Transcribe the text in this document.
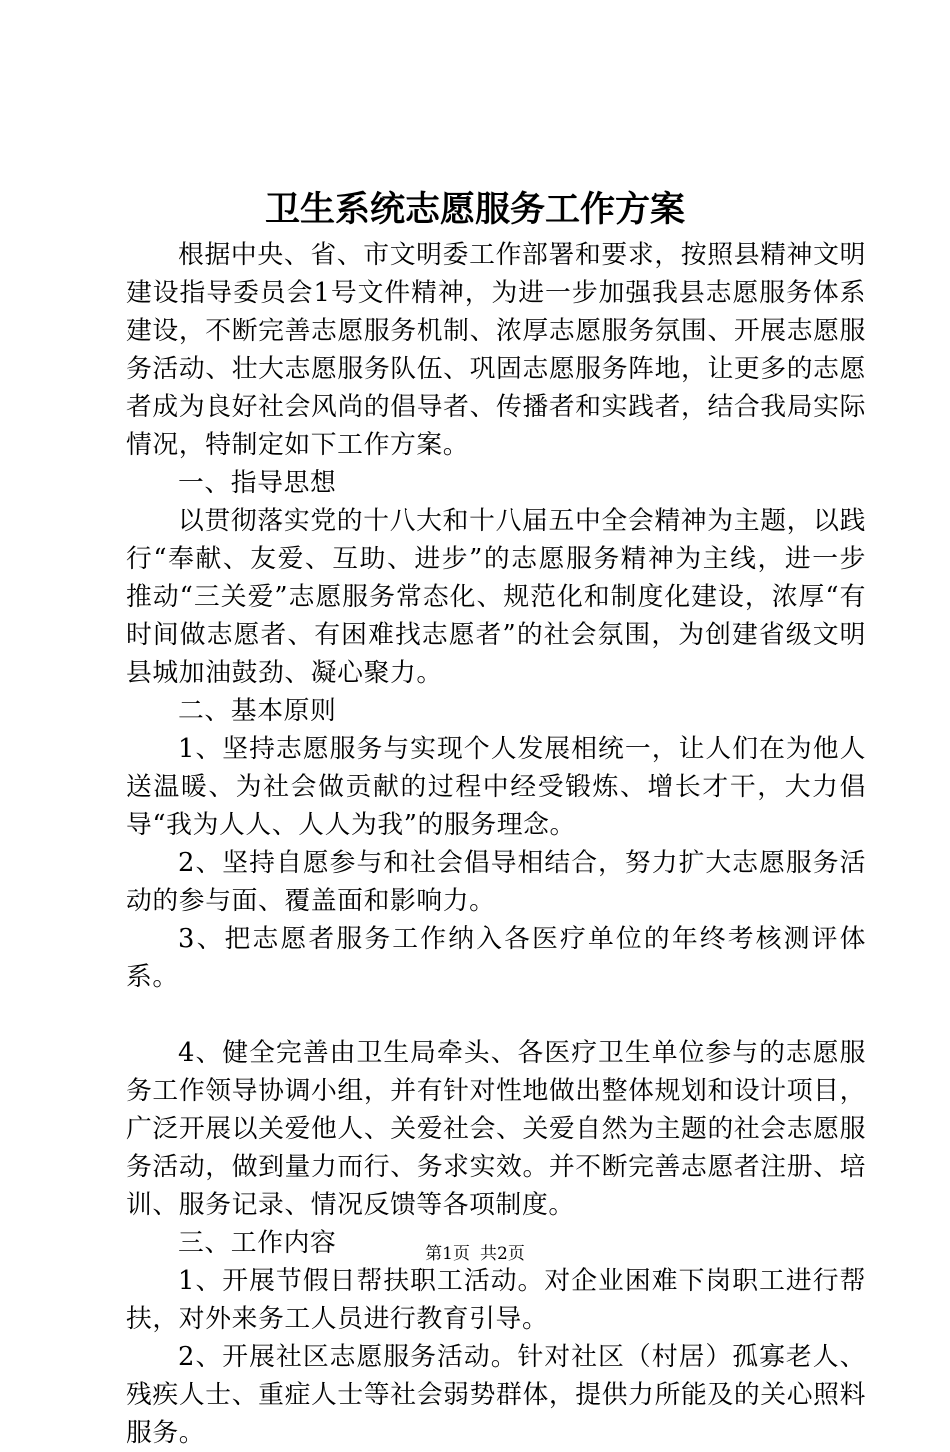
卫生系统志愿服务工作方案

根据中央、省、市文明委工作部署和要求，按照县精神文明建设指导委员会1号文件精神，为进一步加强我县志愿服务体系建设，不断完善志愿服务机制、浓厚志愿服务氛围、开展志愿服务活动、壮大志愿服务队伍、巩固志愿服务阵地，让更多的志愿者成为良好社会风尚的倡导者、传播者和实践者，结合我局实际情况，特制定如下工作方案。

一、指导思想

以贯彻落实党的十八大和十八届五中全会精神为主题，以践行“奉献、友爱、互助、进步”的志愿服务精神为主线，进一步推动“三关爱”志愿服务常态化、规范化和制度化建设，浓厚“有时间做志愿者、有困难找志愿者”的社会氛围，为创建省级文明县城加油鼓劲、凝心聚力。

二、基本原则

1、坚持志愿服务与实现个人发展相统一，让人们在为他人送温暖、为社会做贡献的过程中经受锻炼、增长才干，大力倡导“我为人人、人人为我”的服务理念。

2、坚持自愿参与和社会倡导相结合，努力扩大志愿服务活动的参与面、覆盖面和影响力。

3、把志愿者服务工作纳入各医疗单位的年终考核测评体系。

4、健全完善由卫生局牵头、各医疗卫生单位参与的志愿服务工作领导协调小组，并有针对性地做出整体规划和设计项目，广泛开展以关爱他人、关爱社会、关爱自然为主题的社会志愿服务活动，做到量力而行、务求实效。并不断完善志愿者注册、培训、服务记录、情况反馈等各项制度。

三、工作内容

1、开展节假日帮扶职工活动。对企业困难下岗职工进行帮扶，对外来务工人员进行教育引导。

2、开展社区志愿服务活动。针对社区（村居）孤寡老人、残疾人士、重症人士等社会弱势群体，提供力所能及的关心照料服务。

第1页 共2页
